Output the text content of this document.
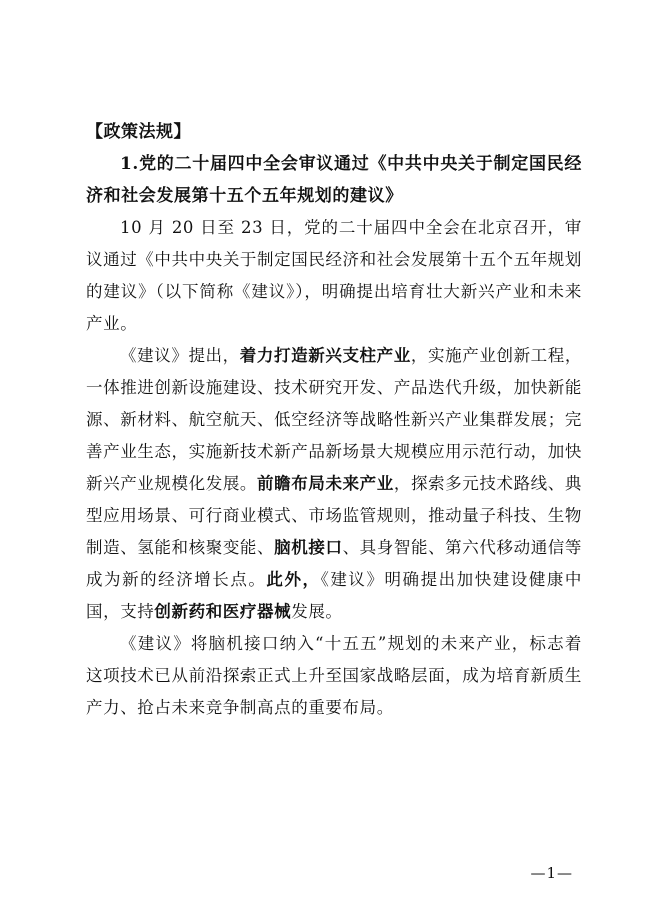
【政策法规】

1.党的二十届四中全会审议通过《中共中央关于制定国民经济和社会发展第十五个五年规划的建议》

10 月 20 日至 23 日，党的二十届四中全会在北京召开，审议通过《中共中央关于制定国民经济和社会发展第十五个五年规划的建议》（以下简称《建议》），明确提出培育壮大新兴产业和未来产业。

《建议》提出，着力打造新兴支柱产业，实施产业创新工程，一体推进创新设施建设、技术研究开发、产品迭代升级，加快新能源、新材料、航空航天、低空经济等战略性新兴产业集群发展；完善产业生态，实施新技术新产品新场景大规模应用示范行动，加快新兴产业规模化发展。前瞻布局未来产业，探索多元技术路线、典型应用场景、可行商业模式、市场监管规则，推动量子科技、生物制造、氢能和核聚变能、脑机接口、具身智能、第六代移动通信等成为新的经济增长点。此外，《建议》明确提出加快建设健康中国，支持创新药和医疗器械发展。

《建议》将脑机接口纳入“十五五”规划的未来产业，标志着这项技术已从前沿探索正式上升至国家战略层面，成为培育新质生产力、抢占未来竞争制高点的重要布局。

—1—
